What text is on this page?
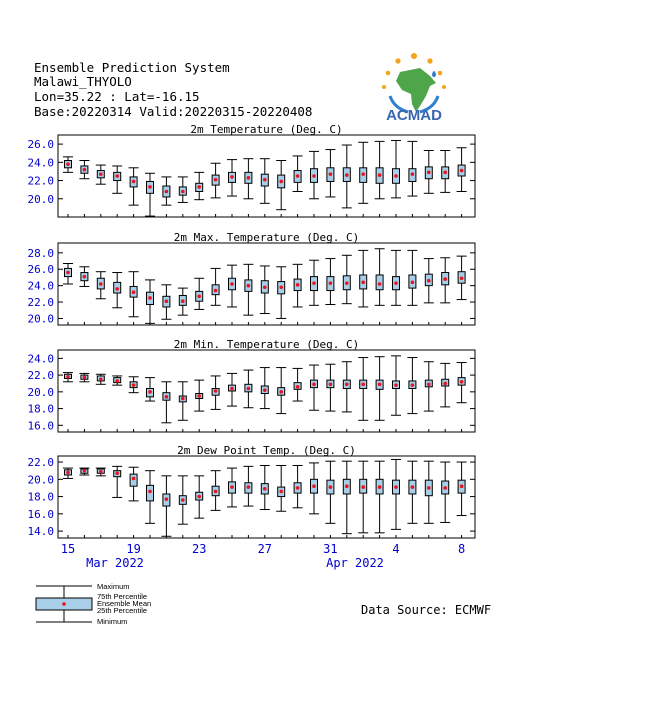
Ensemble Prediction System
Malawi_THYOLO
Lon=35.22 : Lat=-16.15
Base:20220314 Valid:20220315-20220408	ACMAD
2m Temperature (Deg. C)
26.0
24.0
22.0
20.0
2m Max. Temperature (Deg. C)
28.0
26.0
24.0
22.0
20.0
2m Min. Temperature (Deg. C)
24.0
22.0
20.0
18.0
16.0
2m Dew Point Temp. (Deg. C)
22.0
20.0
18.0
16.0
14.0
15	19	23	27	31	4	8
Mar 2022	Apr 2022
Maximum
75th Percentile
Ensemble Mean
25th Percentile
Minimum
Data Source: ECMWF
